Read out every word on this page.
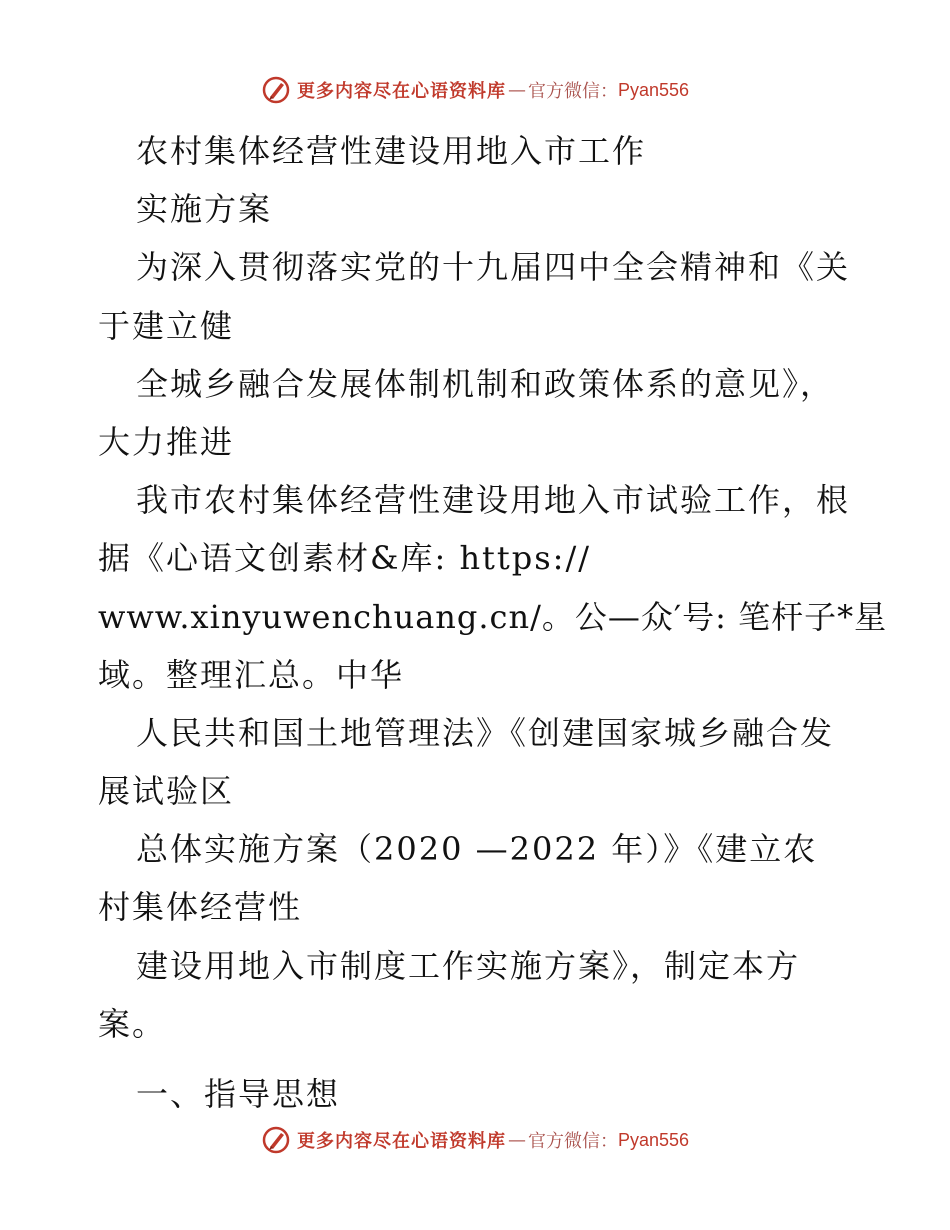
更多内容尽在心语资料库 — 官方微信： Pyan556
农村集体经营性建设用地入市工作
实施方案
为深入贯彻落实党的十九届四中全会精神和《关
于建立健
全城乡融合发展体制机制和政策体系的意见》，
大力推进
我市农村集体经营性建设用地入市试验工作，根
据《心语文创素材&库: https://
www.xinyuwenchuang.cn/。公—众′号: 笔杆子*星
域。整理汇总。中华
人民共和国土地管理法》《创建国家城乡融合发
展试验区
总体实施方案（2020 —2022 年）》《建立农
村集体经营性
建设用地入市制度工作实施方案》，制定本方
案。
一、指导思想
更多内容尽在心语资料库 — 官方微信： Pyan556
